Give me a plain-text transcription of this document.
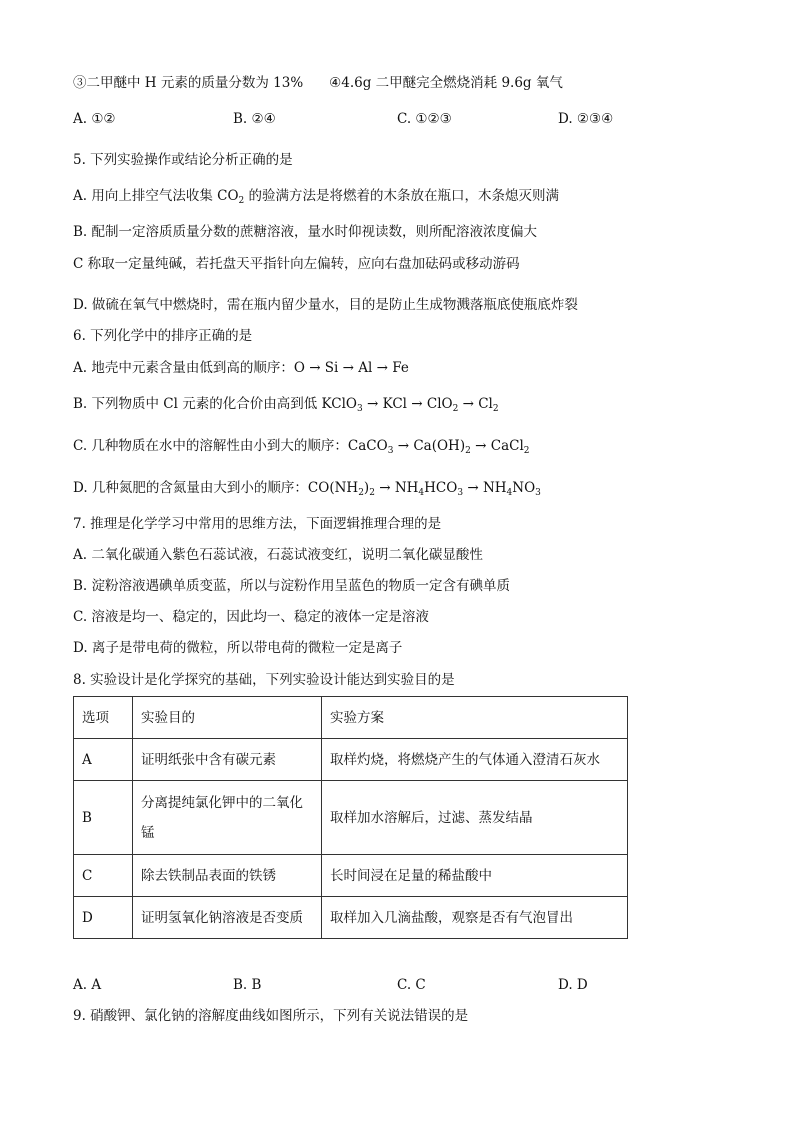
③二甲醚中 H 元素的质量分数为 13% ④4.6g 二甲醚完全燃烧消耗 9.6g 氧气
A. ①②	B. ②④	C. ①②③	D. ②③④
5. 下列实验操作或结论分析正确的是
A. 用向上排空气法收集 $CO_2$ 的验满方法是将燃着的木条放在瓶口，木条熄灭则满
B. 配制一定溶质质量分数的蔗糖溶液，量水时仰视读数，则所配溶液浓度偏大
C 称取一定量纯碱，若托盘天平指针向左偏转，应向右盘加砝码或移动游码
D. 做硫在氧气中燃烧时，需在瓶内留少量水，目的是防止生成物溅落瓶底使瓶底炸裂
6. 下列化学中的排序正确的是
A. 地壳中元素含量由低到高的顺序：O → Si → Al → Fe
B. 下列物质中 Cl 元素的化合价由高到低 KClO$_3$ → KCl → $ClO_2 \to Cl_2$
C. 几种物质在水中的溶解性由小到大的顺序：CaCO$_3$ → $Ca(OH)_2$ → CaCl$_2$
D. 几种氮肥的含氮量由大到小的顺序：$CO(NH_2)_2 \to NH_4HCO_3 \to NH_4NO_3$
7. 推理是化学学习中常用的思维方法，下面逻辑推理合理的是
A. 二氧化碳通入紫色石蕊试液，石蕊试液变红，说明二氧化碳显酸性
B. 淀粉溶液遇碘单质变蓝，所以与淀粉作用呈蓝色的物质一定含有碘单质
C. 溶液是均一、稳定的，因此均一、稳定的液体一定是溶液
D. 离子是带电荷的微粒，所以带电荷的微粒一定是离子
8. 实验设计是化学探究的基础，下列实验设计能达到实验目的是
选项	实验目的	实验方案
A	证明纸张中含有碳元素	取样灼烧，将燃烧产生的气体通入澄清石灰水
B	分离提纯氯化钾中的二氧化锰	取样加水溶解后，过滤、蒸发结晶
C	除去铁制品表面的铁锈	长时间浸在足量的稀盐酸中
D	证明氢氧化钠溶液是否变质	取样加入几滴盐酸，观察是否有气泡冒出
A. A	B. B	C. C	D. D
9. 硝酸钾、氯化钠的溶解度曲线如图所示，下列有关说法错误的是
